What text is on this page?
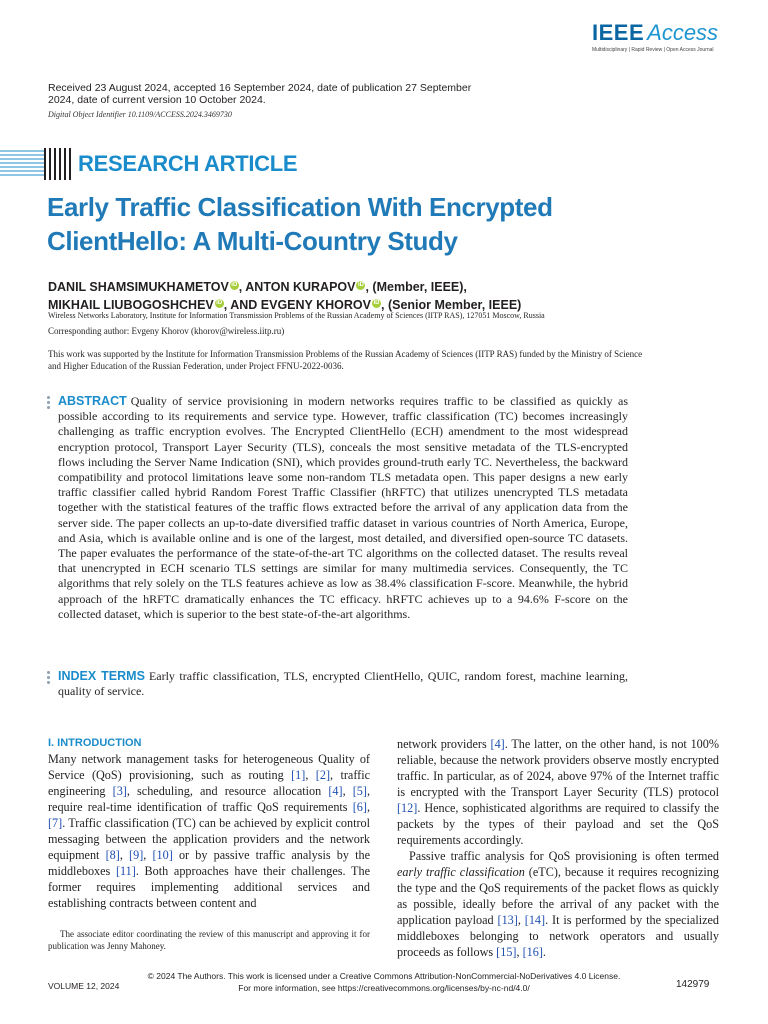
IEEE Access
Multidisciplinary | Rapid Review | Open Access Journal
Received 23 August 2024, accepted 16 September 2024, date of publication 27 September 2024, date of current version 10 October 2024.
Digital Object Identifier 10.1109/ACCESS.2024.3469730
RESEARCH ARTICLE
Early Traffic Classification With Encrypted ClientHello: A Multi-Country Study
DANIL SHAMSIMUKHAMETOV iD , ANTON KURAPOV iD , (Member, IEEE),
MIKHAIL LIUBOGOSHCHEV iD , AND EVGENY KHOROV iD , (Senior Member, IEEE)
Wireless Networks Laboratory, Institute for Information Transmission Problems of the Russian Academy of Sciences (IITP RAS), 127051 Moscow, Russia
Corresponding author: Evgeny Khorov (khorov@wireless.iitp.ru)
This work was supported by the Institute for Information Transmission Problems of the Russian Academy of Sciences (IITP RAS) funded by the Ministry of Science and Higher Education of the Russian Federation, under Project FFNU-2022-0036.
ABSTRACT Quality of service provisioning in modern networks requires traffic to be classified as quickly as possible according to its requirements and service type. However, traffic classification (TC) becomes increasingly challenging as traffic encryption evolves. The Encrypted ClientHello (ECH) amendment to the most widespread encryption protocol, Transport Layer Security (TLS), conceals the most sensitive metadata of the TLS-encrypted flows including the Server Name Indication (SNI), which provides ground-truth early TC. Nevertheless, the backward compatibility and protocol limitations leave some non-random TLS metadata open. This paper designs a new early traffic classifier called hybrid Random Forest Traffic Classifier (hRFTC) that utilizes unencrypted TLS metadata together with the statistical features of the traffic flows extracted before the arrival of any application data from the server side. The paper collects an up-to-date diversified traffic dataset in various countries of North America, Europe, and Asia, which is available online and is one of the largest, most detailed, and diversified open-source TC datasets. The paper evaluates the performance of the state-of-the-art TC algorithms on the collected dataset. The results reveal that unencrypted in ECH scenario TLS settings are similar for many multimedia services. Consequently, the TC algorithms that rely solely on the TLS features achieve as low as 38.4% classification F-score. Meanwhile, the hybrid approach of the hRFTC dramatically enhances the TC efficacy. hRFTC achieves up to a 94.6% F-score on the collected dataset, which is superior to the best state-of-the-art algorithms.
INDEX TERMS Early traffic classification, TLS, encrypted ClientHello, QUIC, random forest, machine learning, quality of service.
I. INTRODUCTION

Many network management tasks for heterogeneous Quality of Service (QoS) provisioning, such as routing [1], [2], traffic engineering [3], scheduling, and resource allocation [4], [5], require real-time identification of traffic QoS requirements [6], [7]. Traffic classification (TC) can be achieved by explicit control messaging between the application providers and the network equipment [8], [9], [10] or by passive traffic analysis by the middleboxes [11]. Both approaches have their challenges. The former requires implementing additional services and establishing contracts between content and

The associate editor coordinating the review of this manuscript and approving it for publication was Jenny Mahoney.

network providers [4]. The latter, on the other hand, is not 100% reliable, because the network providers observe mostly encrypted traffic. In particular, as of 2024, above 97% of the Internet traffic is encrypted with the Transport Layer Security (TLS) protocol [12]. Hence, sophisticated algorithms are required to classify the packets by the types of their payload and set the QoS requirements accordingly.

Passive traffic analysis for QoS provisioning is often termed early traffic classification (eTC), because it requires recognizing the type and the QoS requirements of the packet flows as quickly as possible, ideally before the arrival of any packet with the application payload [13], [14]. It is performed by the specialized middleboxes belonging to network operators and usually proceeds as follows [15], [16].

© 2024 The Authors. This work is licensed under a Creative Commons Attribution-NonCommercial-NoDerivatives 4.0 License.
For more information, see https://creativecommons.org/licenses/by-nc-nd/4.0/
VOLUME 12, 2024	142979
